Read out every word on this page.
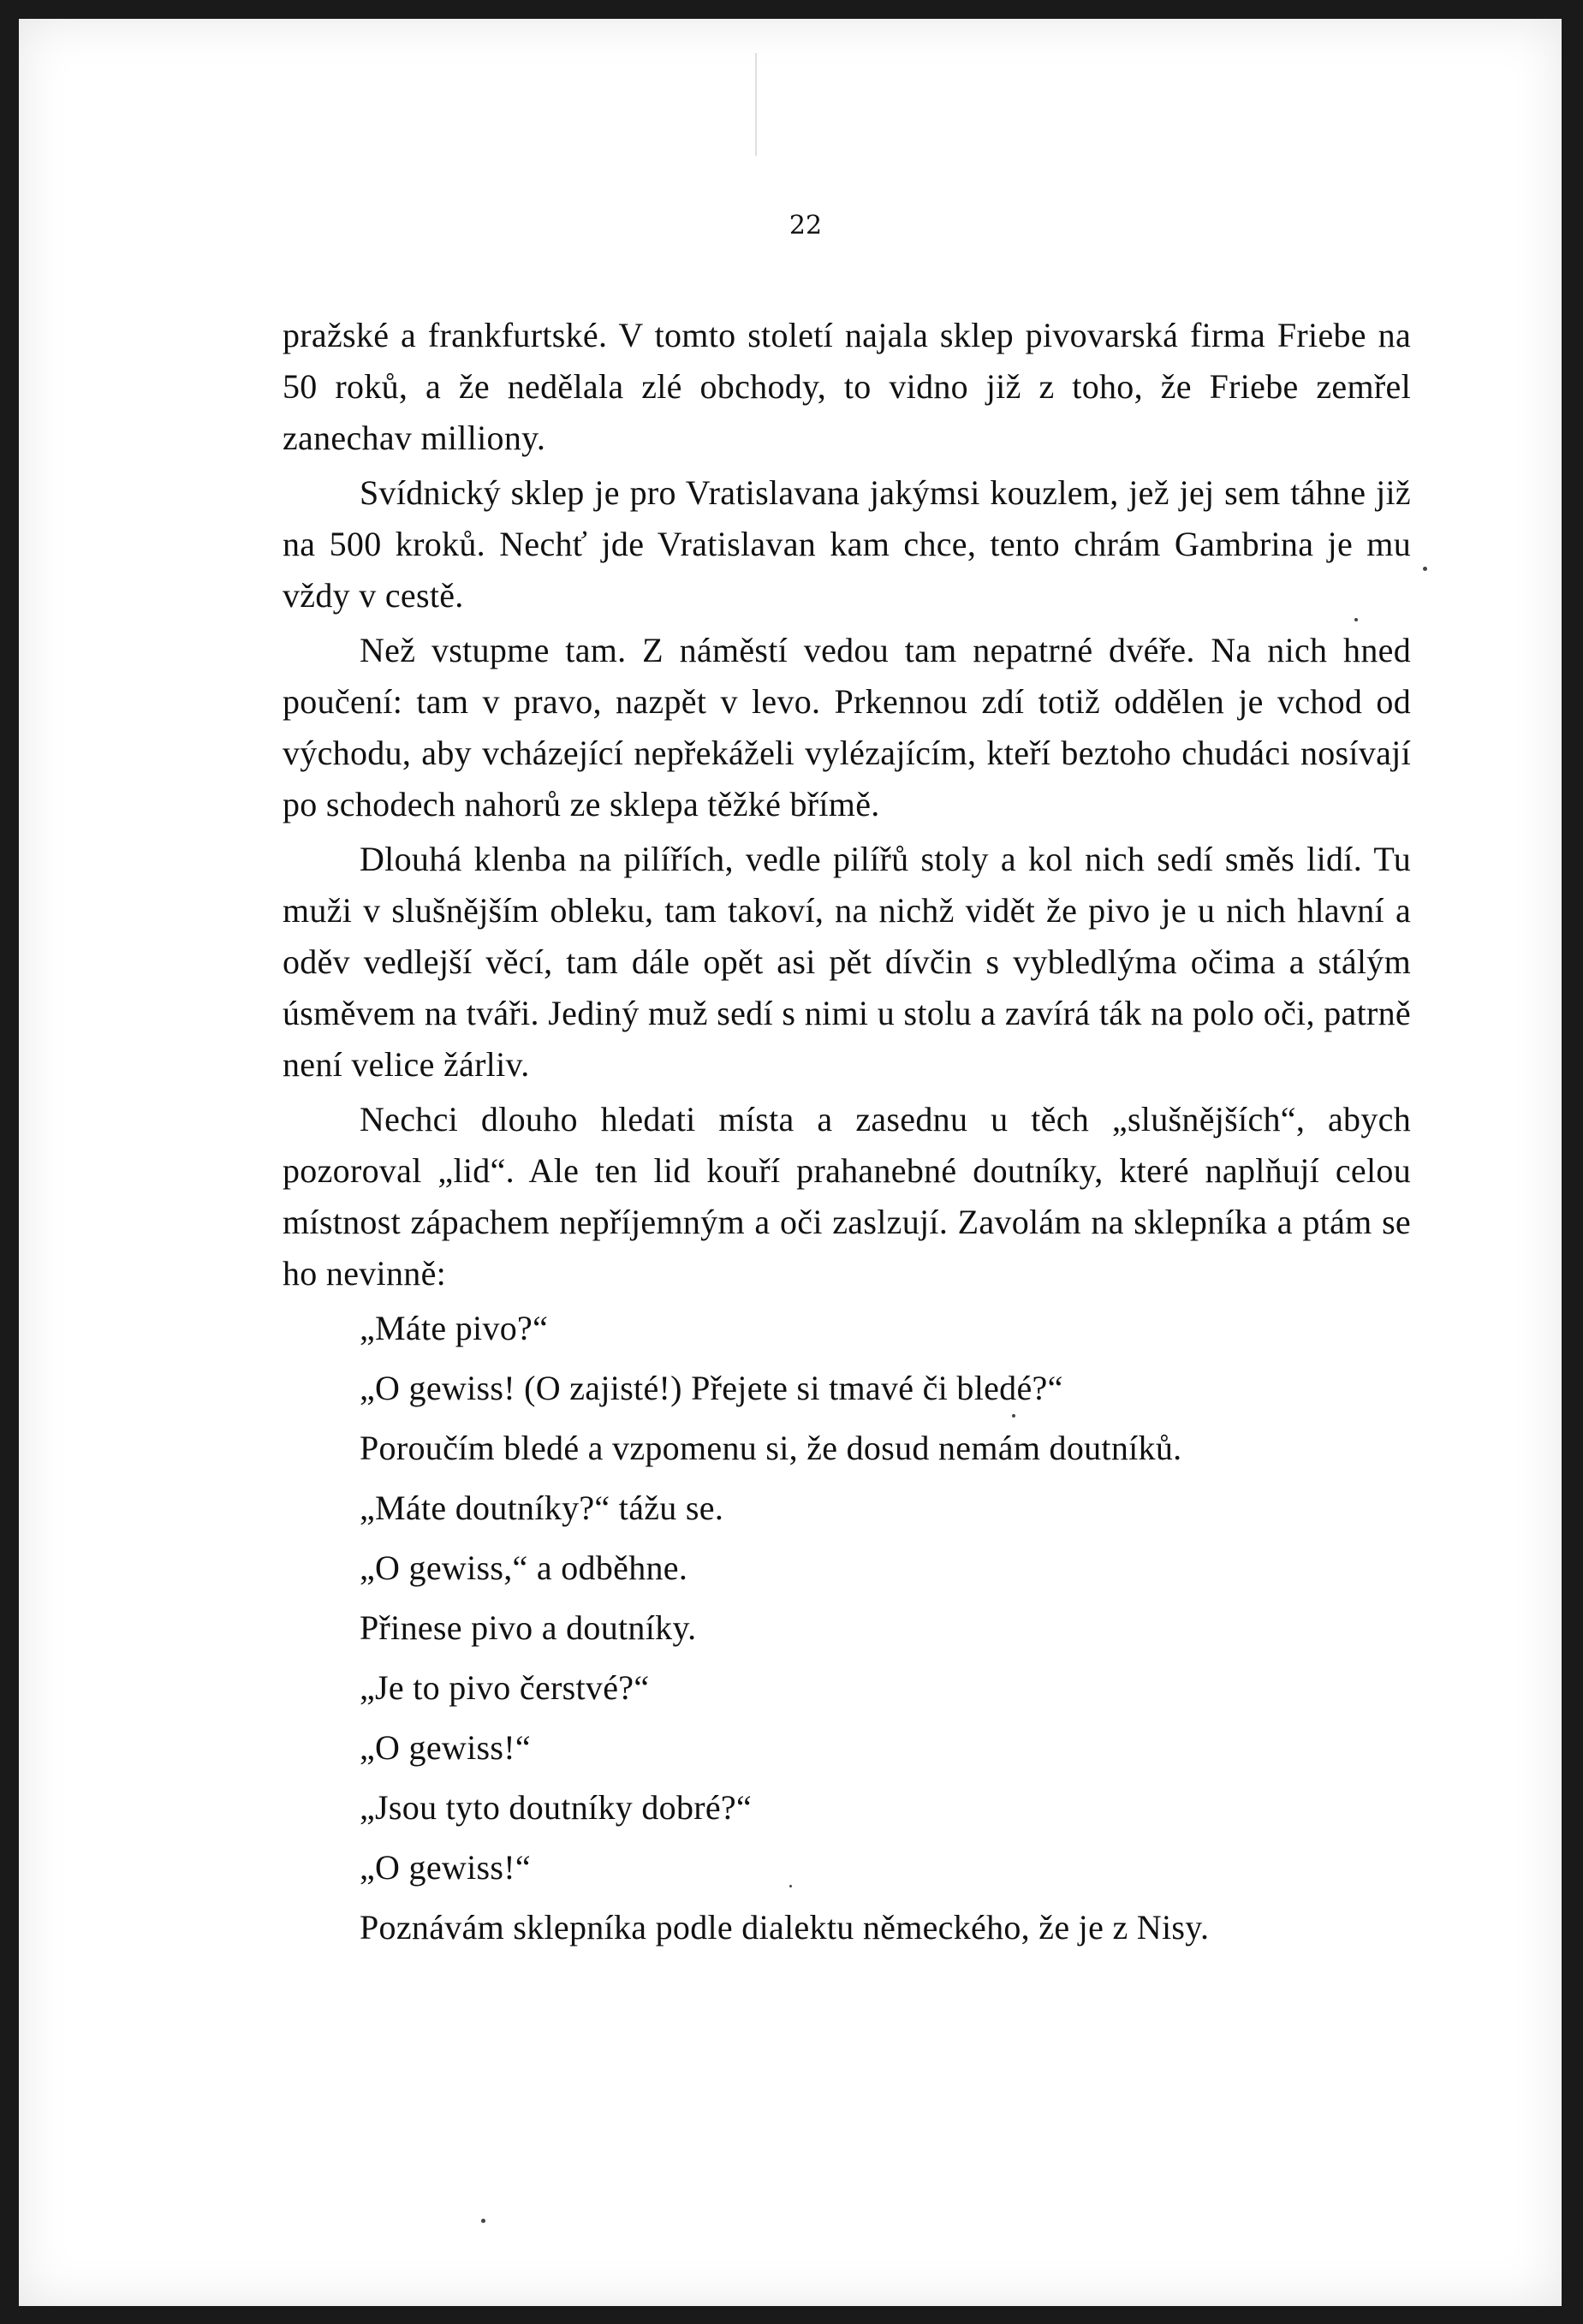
22

pražské a frankfurtské. V tomto století najala sklep pivovarská firma Friebe na 50 roků, a že nedělala zlé obchody, to vidno již z toho, že Friebe zemřel zanechav milliony.

Svídnický sklep je pro Vratislavana jakýmsi kouzlem, jež jej sem táhne již na 500 kroků. Nechť jde Vratislavan kam chce, tento chrám Gambrina je mu vždy v cestě.

Než vstupme tam. Z náměstí vedou tam nepatrné dvéře. Na nich hned poučení: tam v pravo, nazpět v levo. Prkennou zdí totiž oddělen je vchod od východu, aby vcházející nepřekáželi vylézajícím, kteří beztoho chudáci nosívají po schodech nahorů ze sklepa těžké břímě.

Dlouhá klenba na pilířích, vedle pilířů stoly a kol nich sedí směs lidí. Tu muži v slušnějším obleku, tam takoví, na nichž vidět že pivo je u nich hlavní a oděv vedlejší věcí, tam dále opět asi pět dívčin s vybledlýma očima a stálým úsměvem na tváři. Jediný muž sedí s nimi u stolu a zavírá ták na polo oči, patrně není velice žárliv.

Nechci dlouho hledati místa a zasednu u těch „slušnějších“, abych pozoroval „lid“. Ale ten lid kouří prahanebné doutníky, které naplňují celou místnost zápachem nepříjemným a oči zaslzují. Zavolám na sklepníka a ptám se ho nevinně:

„Máte pivo?“

„O gewiss! (O zajisté!) Přejete si tmavé či bledé?“

Poroučím bledé a vzpomenu si, že dosud nemám doutníků.

„Máte doutníky?“ tážu se.

„O gewiss,“ a odběhne.

Přinese pivo a doutníky.

„Je to pivo čerstvé?“

„O gewiss!“

„Jsou tyto doutníky dobré?“

„O gewiss!“

Poznávám sklepníka podle dialektu německého, že je z Nisy.
